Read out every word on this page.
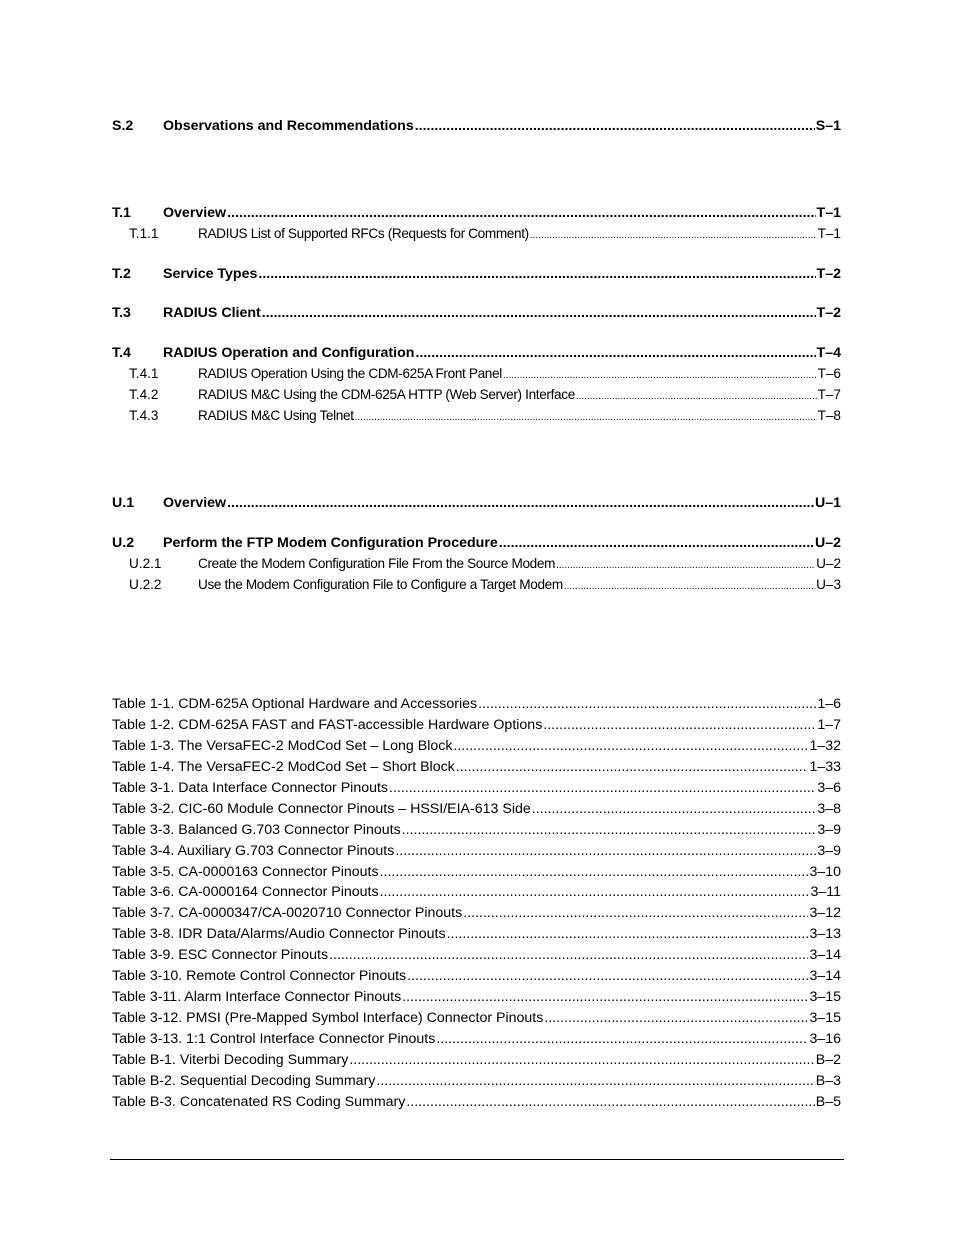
S.2	Observations and Recommendations .....	S–1
T.1	Overview .....	T–1
T.1.1	RADIUS List of Supported RFCs (Requests for Comment) .....	T–1
T.2	Service Types .....	T–2
T.3	RADIUS Client .....	T–2
T.4	RADIUS Operation and Configuration .....	T–4
T.4.1	RADIUS Operation Using the CDM-625A Front Panel .....	T–6
T.4.2	RADIUS M&C Using the CDM-625A HTTP (Web Server) Interface .....	T–7
T.4.3	RADIUS M&C Using Telnet .....	T–8
U.1	Overview .....	U–1
U.2	Perform the FTP Modem Configuration Procedure .....	U–2
U.2.1	Create the Modem Configuration File From the Source Modem .....	U–2
U.2.2	Use the Modem Configuration File to Configure a Target Modem .....	U–3
Table 1-1. CDM-625A Optional Hardware and Accessories .....	1–6
Table 1-2. CDM-625A FAST and FAST-accessible Hardware Options .....	1–7
Table 1-3. The VersaFEC-2 ModCod Set – Long Block .....	1–32
Table 1-4. The VersaFEC-2 ModCod Set – Short Block .....	1–33
Table 3-1. Data Interface Connector Pinouts .....	3–6
Table 3-2. CIC-60 Module Connector Pinouts – HSSI/EIA-613 Side .....	3–8
Table 3-3. Balanced G.703 Connector Pinouts .....	3–9
Table 3-4. Auxiliary G.703 Connector Pinouts .....	3–9
Table 3-5. CA-0000163 Connector Pinouts .....	3–10
Table 3-6. CA-0000164 Connector Pinouts .....	3–11
Table 3-7. CA-0000347/CA-0020710 Connector Pinouts .....	3–12
Table 3-8. IDR Data/Alarms/Audio Connector Pinouts .....	3–13
Table 3-9. ESC Connector Pinouts .....	3–14
Table 3-10. Remote Control Connector Pinouts .....	3–14
Table 3-11. Alarm Interface Connector Pinouts .....	3–15
Table 3-12. PMSI (Pre-Mapped Symbol Interface) Connector Pinouts .....	3–15
Table 3-13. 1:1 Control Interface Connector Pinouts .....	3–16
Table B-1. Viterbi Decoding Summary .....	B–2
Table B-2. Sequential Decoding Summary .....	B–3
Table B-3. Concatenated RS Coding Summary .....	B–5
